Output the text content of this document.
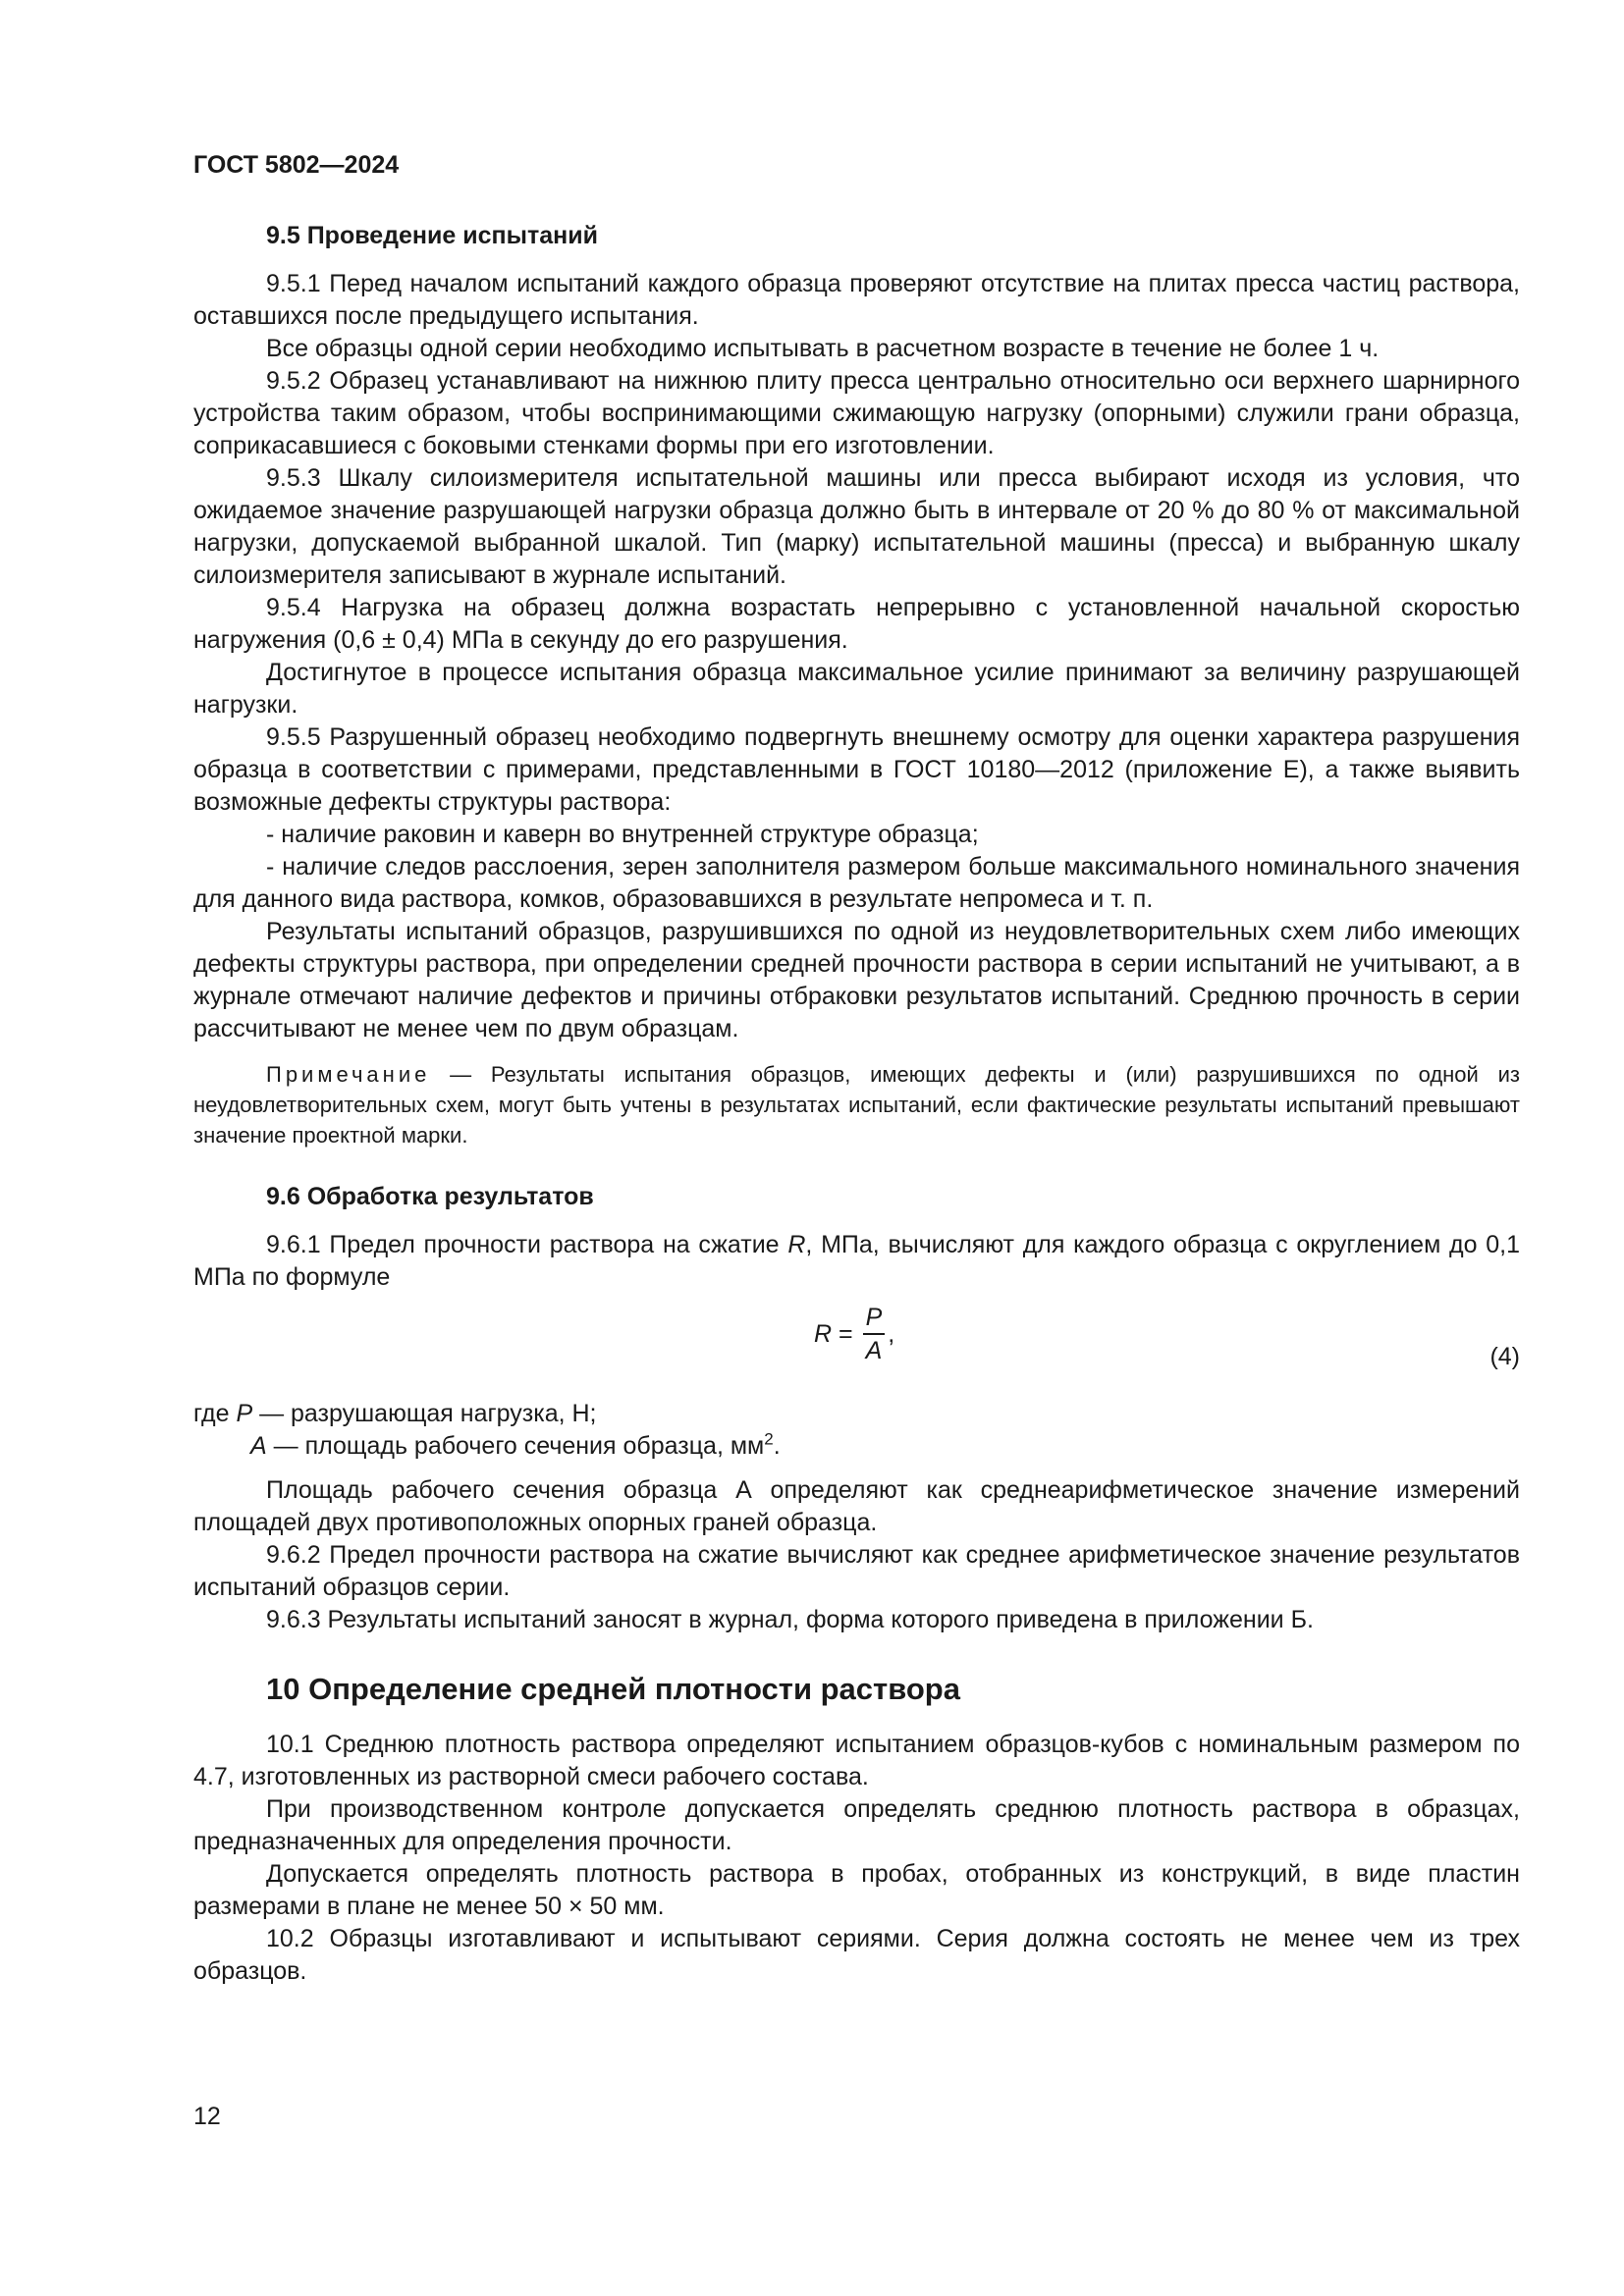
ГОСТ 5802—2024

9.5 Проведение испытаний

9.5.1 Перед началом испытаний каждого образца проверяют отсутствие на плитах пресса частиц раствора, оставшихся после предыдущего испытания.

Все образцы одной серии необходимо испытывать в расчетном возрасте в течение не более 1 ч.

9.5.2 Образец устанавливают на нижнюю плиту пресса центрально относительно оси верхнего шарнирного устройства таким образом, чтобы воспринимающими сжимающую нагрузку (опорными) служили грани образца, соприкасавшиеся с боковыми стенками формы при его изготовлении.

9.5.3 Шкалу силоизмерителя испытательной машины или пресса выбирают исходя из условия, что ожидаемое значение разрушающей нагрузки образца должно быть в интервале от 20 % до 80 % от максимальной нагрузки, допускаемой выбранной шкалой. Тип (марку) испытательной машины (пресса) и выбранную шкалу силоизмерителя записывают в журнале испытаний.

9.5.4 Нагрузка на образец должна возрастать непрерывно с установленной начальной скоростью нагружения (0,6 ± 0,4) МПа в секунду до его разрушения.

Достигнутое в процессе испытания образца максимальное усилие принимают за величину разрушающей нагрузки.

9.5.5 Разрушенный образец необходимо подвергнуть внешнему осмотру для оценки характера разрушения образца в соответствии с примерами, представленными в ГОСТ 10180—2012 (приложение Е), а также выявить возможные дефекты структуры раствора:

- наличие раковин и каверн во внутренней структуре образца;

- наличие следов расслоения, зерен заполнителя размером больше максимального номинального значения для данного вида раствора, комков, образовавшихся в результате непромеса и т. п.

Результаты испытаний образцов, разрушившихся по одной из неудовлетворительных схем либо имеющих дефекты структуры раствора, при определении средней прочности раствора в серии испытаний не учитывают, а в журнале отмечают наличие дефектов и причины отбраковки результатов испытаний. Среднюю прочность в серии рассчитывают не менее чем по двум образцам.

Примечание — Результаты испытания образцов, имеющих дефекты и (или) разрушившихся по одной из неудовлетворительных схем, могут быть учтены в результатах испытаний, если фактические результаты испытаний превышают значение проектной марки.

9.6 Обработка результатов

9.6.1 Предел прочности раствора на сжатие R, МПа, вычисляют для каждого образца с округлением до 0,1 МПа по формуле

$R = \frac{P}{A}$ ,
(4)

где P — разрушающая нагрузка, Н;

A — площадь рабочего сечения образца, $мм^2$.

Площадь рабочего сечения образца А определяют как среднеарифметическое значение измерений площадей двух противоположных опорных граней образца.

9.6.2 Предел прочности раствора на сжатие вычисляют как среднее арифметическое значение результатов испытаний образцов серии.

9.6.3 Результаты испытаний заносят в журнал, форма которого приведена в приложении Б.

10 Определение средней плотности раствора

10.1 Среднюю плотность раствора определяют испытанием образцов-кубов с номинальным размером по 4.7, изготовленных из растворной смеси рабочего состава.

При производственном контроле допускается определять среднюю плотность раствора в образцах, предназначенных для определения прочности.

Допускается определять плотность раствора в пробах, отобранных из конструкций, в виде пластин размерами в плане не менее 50 × 50 мм.

10.2 Образцы изготавливают и испытывают сериями. Серия должна состоять не менее чем из трех образцов.

12
